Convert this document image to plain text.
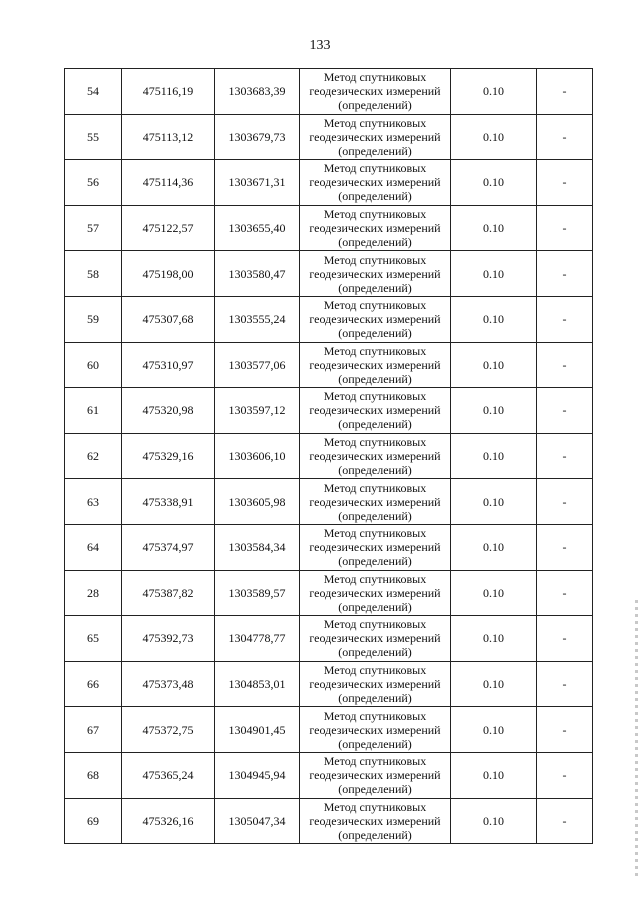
133
54	475116,19	1303683,39	Метод спутниковых геодезических измерений (определений)	0.10	-
55	475113,12	1303679,73	Метод спутниковых геодезических измерений (определений)	0.10	-
56	475114,36	1303671,31	Метод спутниковых геодезических измерений (определений)	0.10	-
57	475122,57	1303655,40	Метод спутниковых геодезических измерений (определений)	0.10	-
58	475198,00	1303580,47	Метод спутниковых геодезических измерений (определений)	0.10	-
59	475307,68	1303555,24	Метод спутниковых геодезических измерений (определений)	0.10	-
60	475310,97	1303577,06	Метод спутниковых геодезических измерений (определений)	0.10	-
61	475320,98	1303597,12	Метод спутниковых геодезических измерений (определений)	0.10	-
62	475329,16	1303606,10	Метод спутниковых геодезических измерений (определений)	0.10	-
63	475338,91	1303605,98	Метод спутниковых геодезических измерений (определений)	0.10	-
64	475374,97	1303584,34	Метод спутниковых геодезических измерений (определений)	0.10	-
28	475387,82	1303589,57	Метод спутниковых геодезических измерений (определений)	0.10	-
65	475392,73	1304778,77	Метод спутниковых геодезических измерений (определений)	0.10	-
66	475373,48	1304853,01	Метод спутниковых геодезических измерений (определений)	0.10	-
67	475372,75	1304901,45	Метод спутниковых геодезических измерений (определений)	0.10	-
68	475365,24	1304945,94	Метод спутниковых геодезических измерений (определений)	0.10	-
69	475326,16	1305047,34	Метод спутниковых геодезических измерений (определений)	0.10	-
